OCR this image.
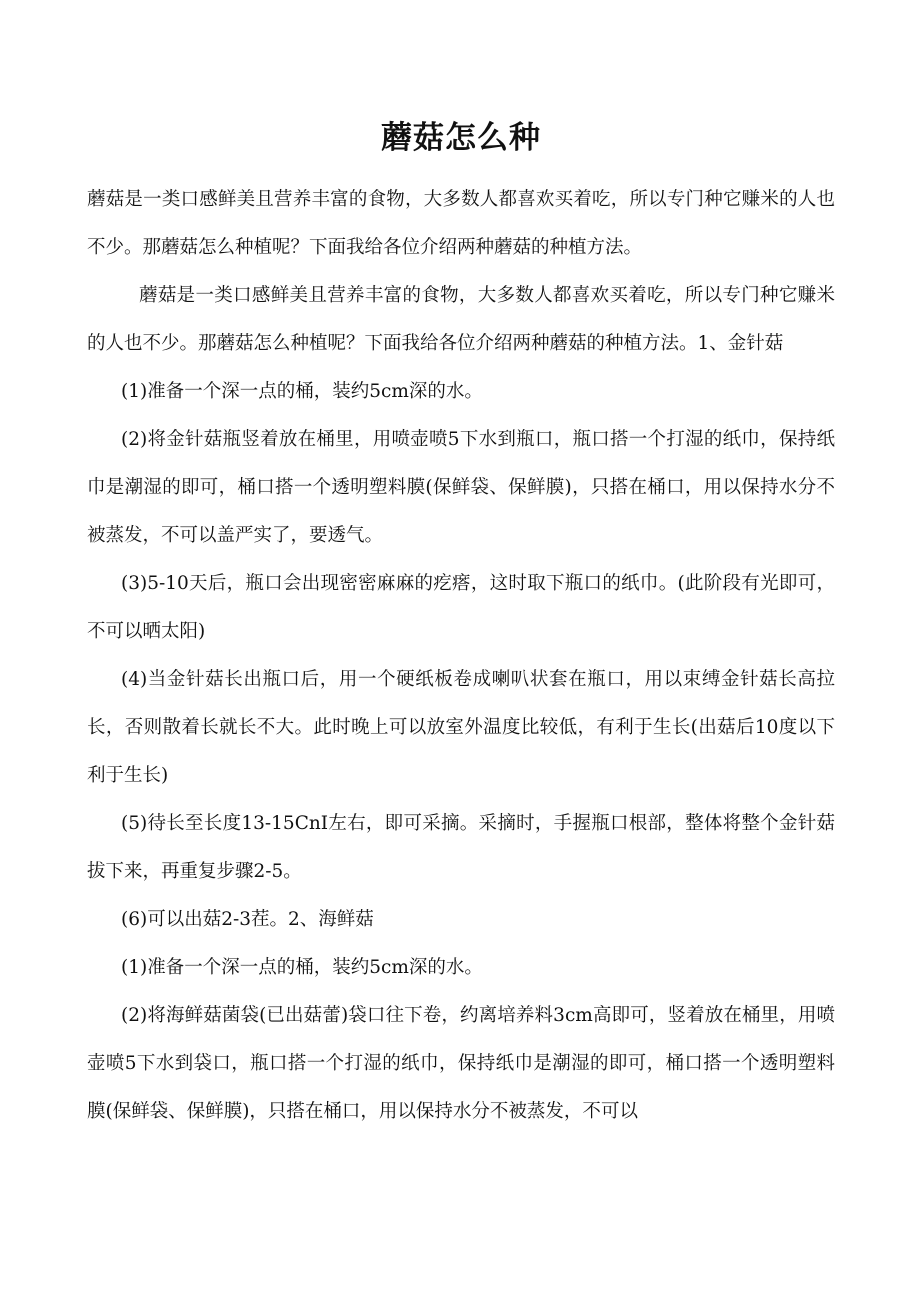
蘑菇怎么种

蘑菇是一类口感鲜美且营养丰富的食物，大多数人都喜欢买着吃，所以专门种它赚米的人也不少。那蘑菇怎么种植呢？下面我给各位介绍两种蘑菇的种植方法。

蘑菇是一类口感鲜美且营养丰富的食物，大多数人都喜欢买着吃，所以专门种它赚米的人也不少。那蘑菇怎么种植呢？下面我给各位介绍两种蘑菇的种植方法。1、金针菇

(1)准备一个深一点的桶，装约5cm深的水。

(2)将金针菇瓶竖着放在桶里，用喷壶喷5下水到瓶口，瓶口搭一个打湿的纸巾，保持纸巾是潮湿的即可，桶口搭一个透明塑料膜(保鲜袋、保鲜膜)，只搭在桶口，用以保持水分不被蒸发，不可以盖严实了，要透气。

(3)5-10天后，瓶口会出现密密麻麻的疙瘩，这时取下瓶口的纸巾。(此阶段有光即可，不可以晒太阳)

(4)当金针菇长出瓶口后，用一个硬纸板卷成喇叭状套在瓶口，用以束缚金针菇长高拉长，否则散着长就长不大。此时晚上可以放室外温度比较低，有利于生长(出菇后10度以下利于生长)

(5)待长至长度13-15CnI左右，即可采摘。采摘时，手握瓶口根部，整体将整个金针菇拔下来，再重复步骤2-5。

(6)可以出菇2-3茬。2、海鲜菇

(1)准备一个深一点的桶，装约5cm深的水。

(2)将海鲜菇菌袋(已出菇蕾)袋口往下卷，约离培养料3cm高即可，竖着放在桶里，用喷壶喷5下水到袋口，瓶口搭一个打湿的纸巾，保持纸巾是潮湿的即可，桶口搭一个透明塑料膜(保鲜袋、保鲜膜)，只搭在桶口，用以保持水分不被蒸发，不可以
